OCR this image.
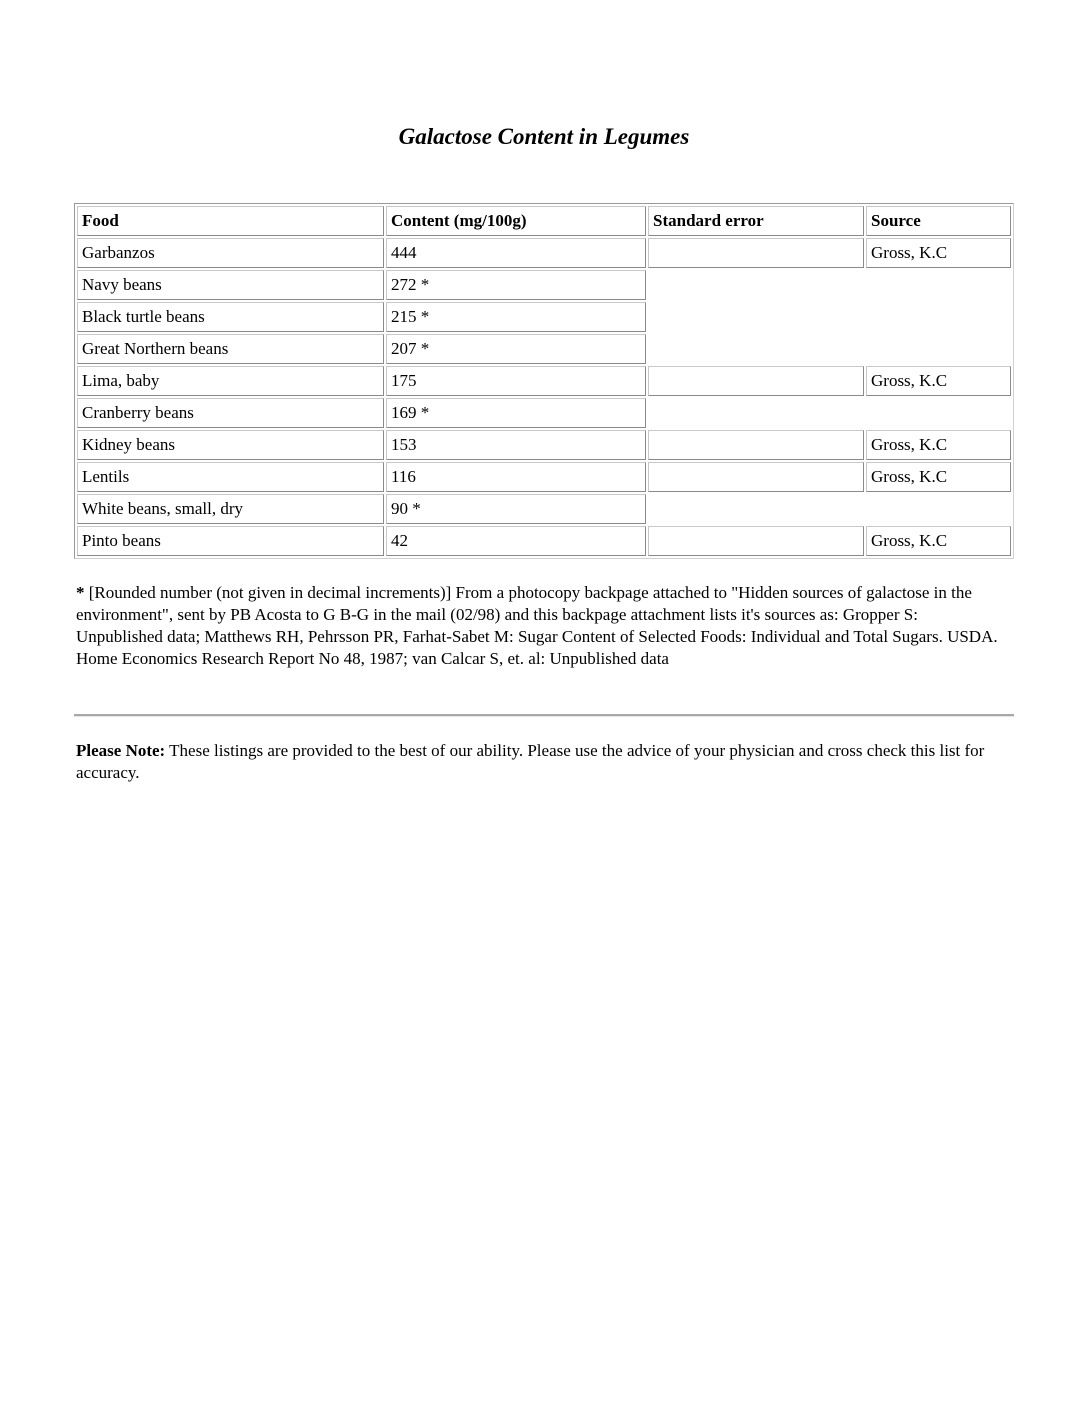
Galactose Content in Legumes
Food	Content (mg/100g)	Standard error	Source
Garbanzos	444		Gross, K.C
Navy beans	272 *		
Black turtle beans	215 *		
Great Northern beans	207 *		
Lima, baby	175		Gross, K.C
Cranberry beans	169 *		
Kidney beans	153		Gross, K.C
Lentils	116		Gross, K.C
White beans, small, dry	90 *		
Pinto beans	42		Gross, K.C

* [Rounded number (not given in decimal increments)] From a photocopy backpage attached to "Hidden sources of galactose in the environment", sent by PB Acosta to G B-G in the mail (02/98) and this backpage attachment lists it's sources as: Gropper S: Unpublished data; Matthews RH, Pehrsson PR, Farhat-Sabet M: Sugar Content of Selected Foods: Individual and Total Sugars. USDA. Home Economics Research Report No 48, 1987; van Calcar S, et. al: Unpublished data

Please Note: These listings are provided to the best of our ability. Please use the advice of your physician and cross check this list for accuracy.
